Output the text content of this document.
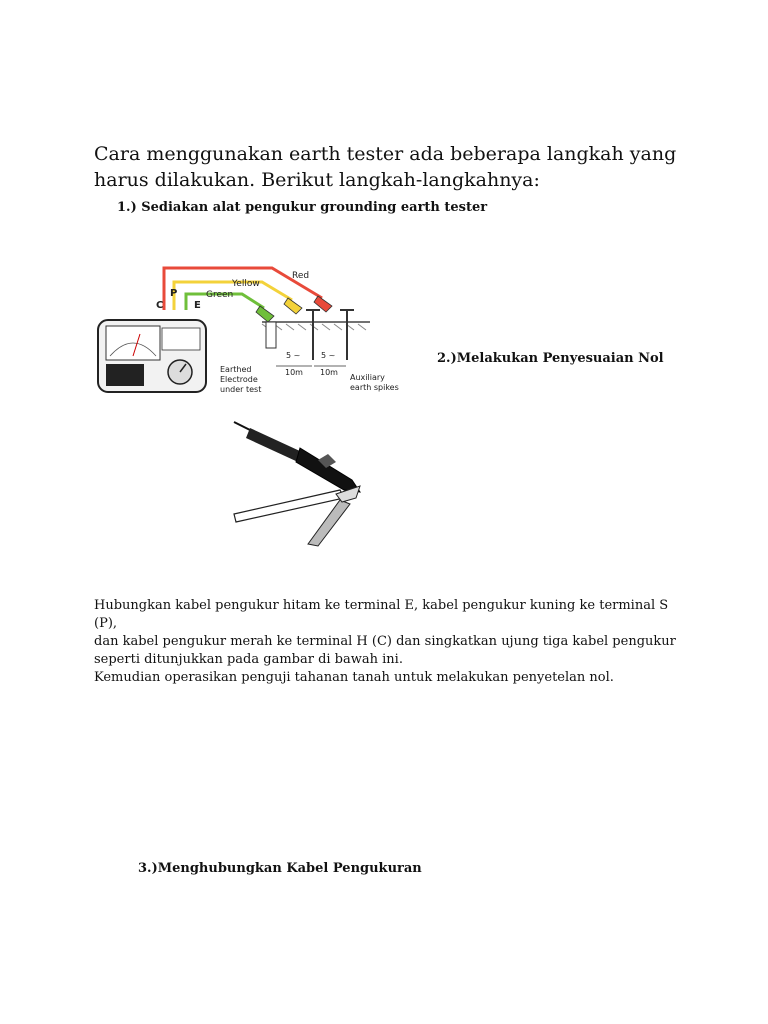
Cara menggunakan earth tester ada beberapa langkah yang harus dilakukan. Berikut langkah-langkahnya:

1.) Sediakan alat pengukur grounding earth tester

C
P
E
Red
Yellow
Green
5 ~
10m
5 ~
10m
Earthed
Electrode
under test
Auxiliary
earth spikes

2.)Melakukan Penyesuaian Nol

Hubungkan kabel pengukur hitam ke terminal E, kabel pengukur kuning ke terminal S (P),
dan kabel pengukur merah ke terminal H (C) dan singkatkan ujung tiga kabel pengukur
seperti ditunjukkan pada gambar di bawah ini.
Kemudian operasikan penguji tahanan tanah untuk melakukan penyetelan nol.

3.)Menghubungkan Kabel Pengukuran
